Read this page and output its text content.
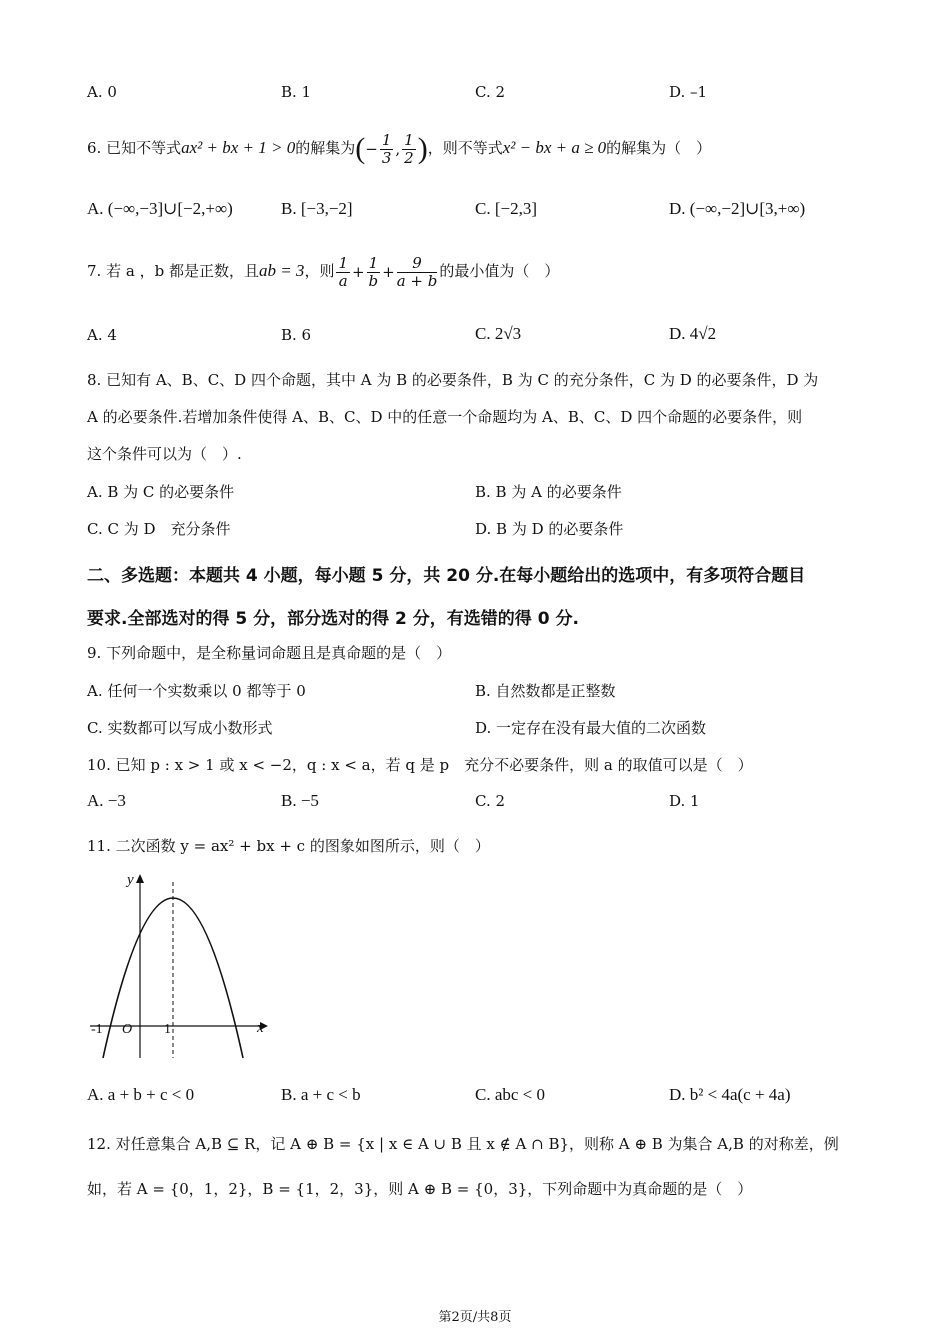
A. 0	B. 1	C. 2	D. –1
6. 已知不等式ax² + bx + 1 > 0的解集为(− $\frac{1}{3}$ , $\frac{1}{2}$ )，则不等式x² − bx + a ≥ 0的解集为（　）
A. (−∞,−3]∪[−2,+∞)	B. [−3,−2]	C. [−2,3]	D. (−∞,−2]∪[3,+∞)
7. 若 a ，b 都是正数，且ab = 3，则 $\frac{1}{a} + \frac{1}{b} + \frac{9}{a + b}$ 的最小值为（　）
A. 4	B. 6	C. 2√3	D. 4√2
8. 已知有 A、B、C、D 四个命题，其中 A 为 B 的必要条件，B 为 C 的充分条件，C 为 D 的必要条件，D 为
A 的必要条件.若增加条件使得 A、B、C、D 中的任意一个命题均为 A、B、C、D 四个命题的必要条件，则
这个条件可以为（　）.
A. B 为 C 的必要条件	B. B 为 A 的必要条件
C. C 为 D　充分条件	D. B 为 D 的必要条件
二、多选题：本题共 4 小题，每小题 5 分，共 20 分.在每小题给出的选项中，有多项符合题目
要求.全部选对的得 5 分，部分选对的得 2 分，有选错的得 0 分.
9. 下列命题中，是全称量词命题且是真命题的是（　）
A. 任何一个实数乘以 0 都等于 0	B. 自然数都是正整数
C. 实数都可以写成小数形式	D. 一定存在没有最大值的二次函数
10. 已知 p : x > 1 或 x < −2，q : x < a，若 q 是 p　充分不必要条件，则 a 的取值可以是（　）
A. −3	B. −5	C. 2	D. 1
11. 二次函数 y = ax² + bx + c 的图象如图所示，则（　）
y
x
O
-1	1
A. a + b + c < 0	B. a + c < b	C. abc < 0	D. b² < 4a(c + 4a)
12. 对任意集合 A,B ⊆ R，记 A ⊕ B = {x | x ∈ A ∪ B 且 x ∉ A ∩ B}，则称 A ⊕ B 为集合 A,B 的对称差，例
如，若 A = {0，1，2}，B = {1，2，3}，则 A ⊕ B = {0，3}，下列命题中为真命题的是（　）
第2页/共8页
